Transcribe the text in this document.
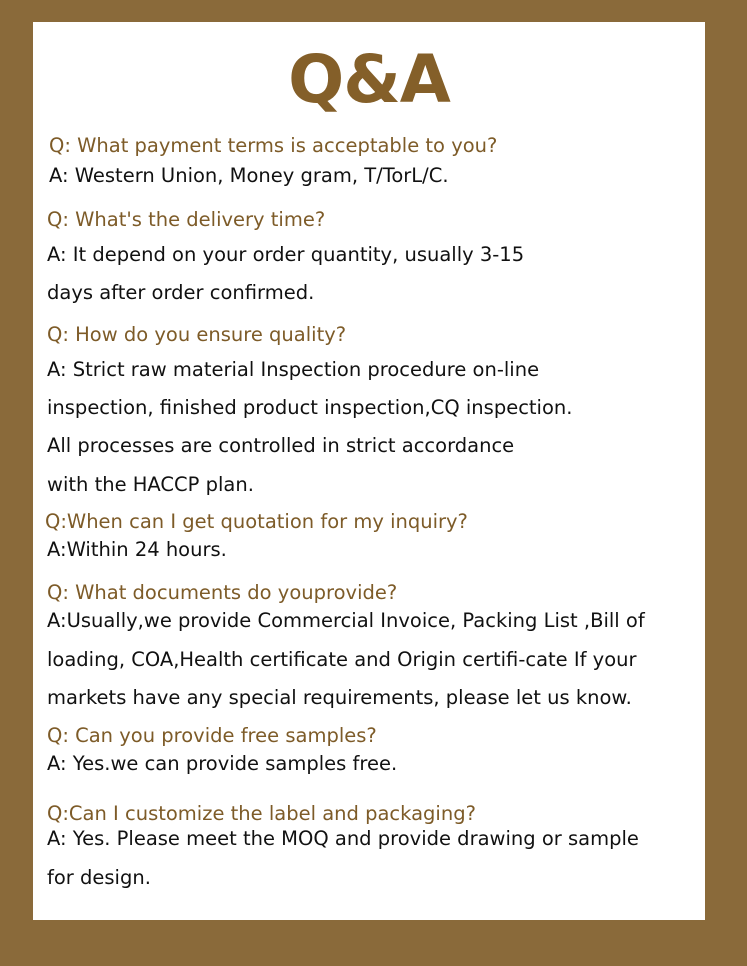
Q&A
Q: What payment terms is acceptable to you?
A: Western Union, Money gram, T/TorL/C.
Q: What's the delivery time?
A: It depend on your order quantity, usually 3-15
days after order confirmed.
Q: How do you ensure quality?
A: Strict raw material Inspection procedure on-line
inspection, finished product inspection,CQ inspection.
All processes are controlled in strict accordance
with the HACCP plan.
Q:When can I get quotation for my inquiry?
A:Within 24 hours.
Q: What documents do youprovide?
A:Usually,we provide Commercial Invoice, Packing List ,Bill of
loading, COA,Health certificate and Origin certifi-cate If your
markets have any special requirements, please let us know.
Q: Can you provide free samples?
A: Yes.we can provide samples free.
Q:Can I customize the label and packaging?
A: Yes. Please meet the MOQ and provide drawing or sample
for design.
